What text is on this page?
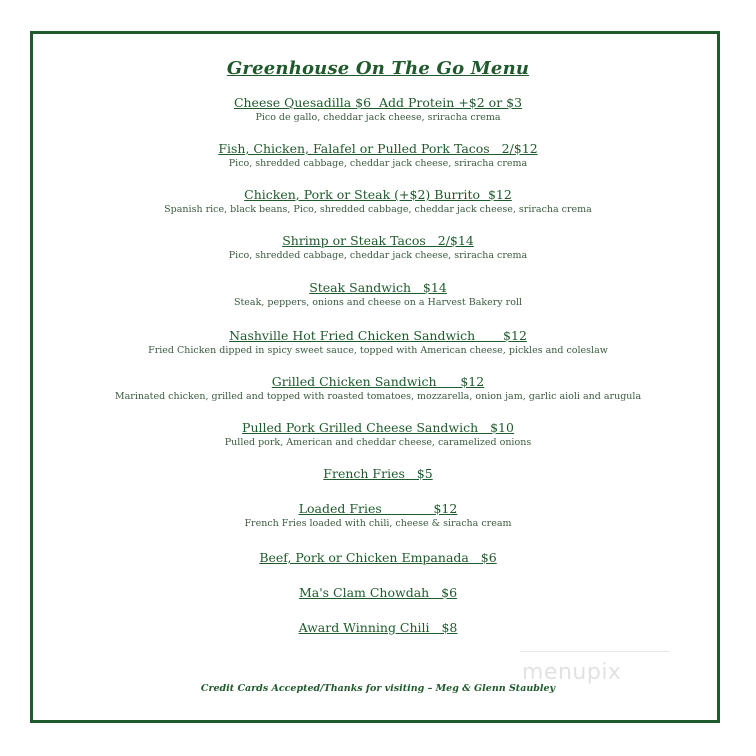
Greenhouse On The Go Menu
Cheese Quesadilla $6  Add Protein +$2 or $3
Pico de gallo, cheddar jack cheese, sriracha crema
Fish, Chicken, Falafel or Pulled Pork Tacos   2/$12
Pico, shredded cabbage, cheddar jack cheese, sriracha crema
Chicken, Pork or Steak (+$2) Burrito  $12
Spanish rice, black beans, Pico, shredded cabbage, cheddar jack cheese, sriracha crema
Shrimp or Steak Tacos   2/$14
Pico, shredded cabbage, cheddar jack cheese, sriracha crema
Steak Sandwich   $14
Steak, peppers, onions and cheese on a Harvest Bakery roll
Nashville Hot Fried Chicken Sandwich       $12
Fried Chicken dipped in spicy sweet sauce, topped with American cheese, pickles and coleslaw
Grilled Chicken Sandwich      $12
Marinated chicken, grilled and topped with roasted tomatoes, mozzarella, onion jam, garlic aioli and arugula
Pulled Pork Grilled Cheese Sandwich   $10
Pulled pork, American and cheddar cheese, caramelized onions
French Fries   $5
Loaded Fries             $12
French Fries loaded with chili, cheese & siracha cream
Beef, Pork or Chicken Empanada   $6
Ma's Clam Chowdah   $6
Award Winning Chili   $8
menupix
Credit Cards Accepted/Thanks for visiting – Meg & Glenn Staubley
